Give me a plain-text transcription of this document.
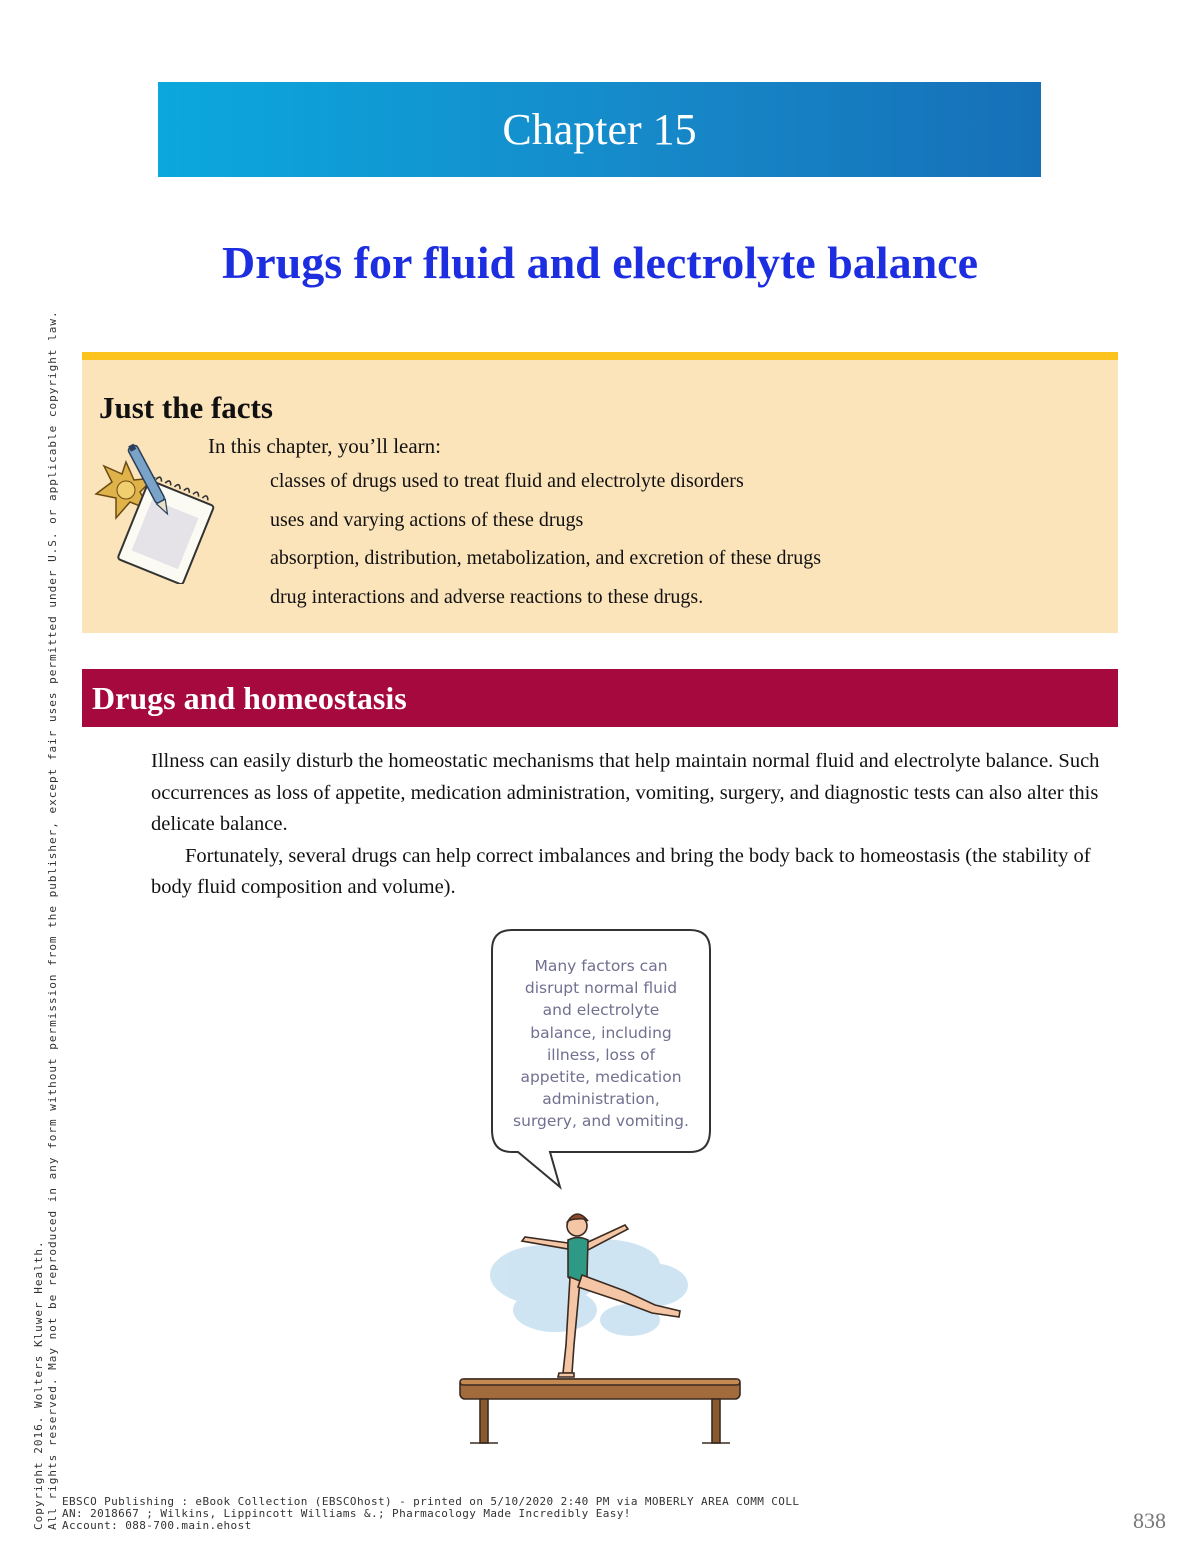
Chapter 15
Drugs for fluid and electrolyte balance
Just the facts
In this chapter, you’ll learn:
classes of drugs used to treat fluid and electrolyte disorders
uses and varying actions of these drugs
absorption, distribution, metabolization, and excretion of these drugs
drug interactions and adverse reactions to these drugs.
Drugs and homeostasis

Illness can easily disturb the homeostatic mechanisms that help maintain normal fluid and electrolyte balance. Such occurrences as loss of appetite, medication administration, vomiting, surgery, and diagnostic tests can also alter this delicate balance.

Fortunately, several drugs can help correct imbalances and bring the body back to homeostasis (the stability of body fluid composition and volume).

Many factors can
disrupt normal fluid
and electrolyte
balance, including
illness, loss of
appetite, medication
administration,
surgery, and vomiting.
Copyright 2016. Wolters Kluwer Health. All rights reserved. May not be reproduced in any form without permission from the publisher, except fair uses permitted under U.S. or applicable copyright law. EBSCO Publishing : eBook Collection (EBSCOhost) - printed on 5/10/2020 2:40 PM via MOBERLY AREA COMM COLL
AN: 2018667 ; Wilkins, Lippincott Williams &.; Pharmacology Made Incredibly Easy!
Account: 088-700.main.ehost	838
